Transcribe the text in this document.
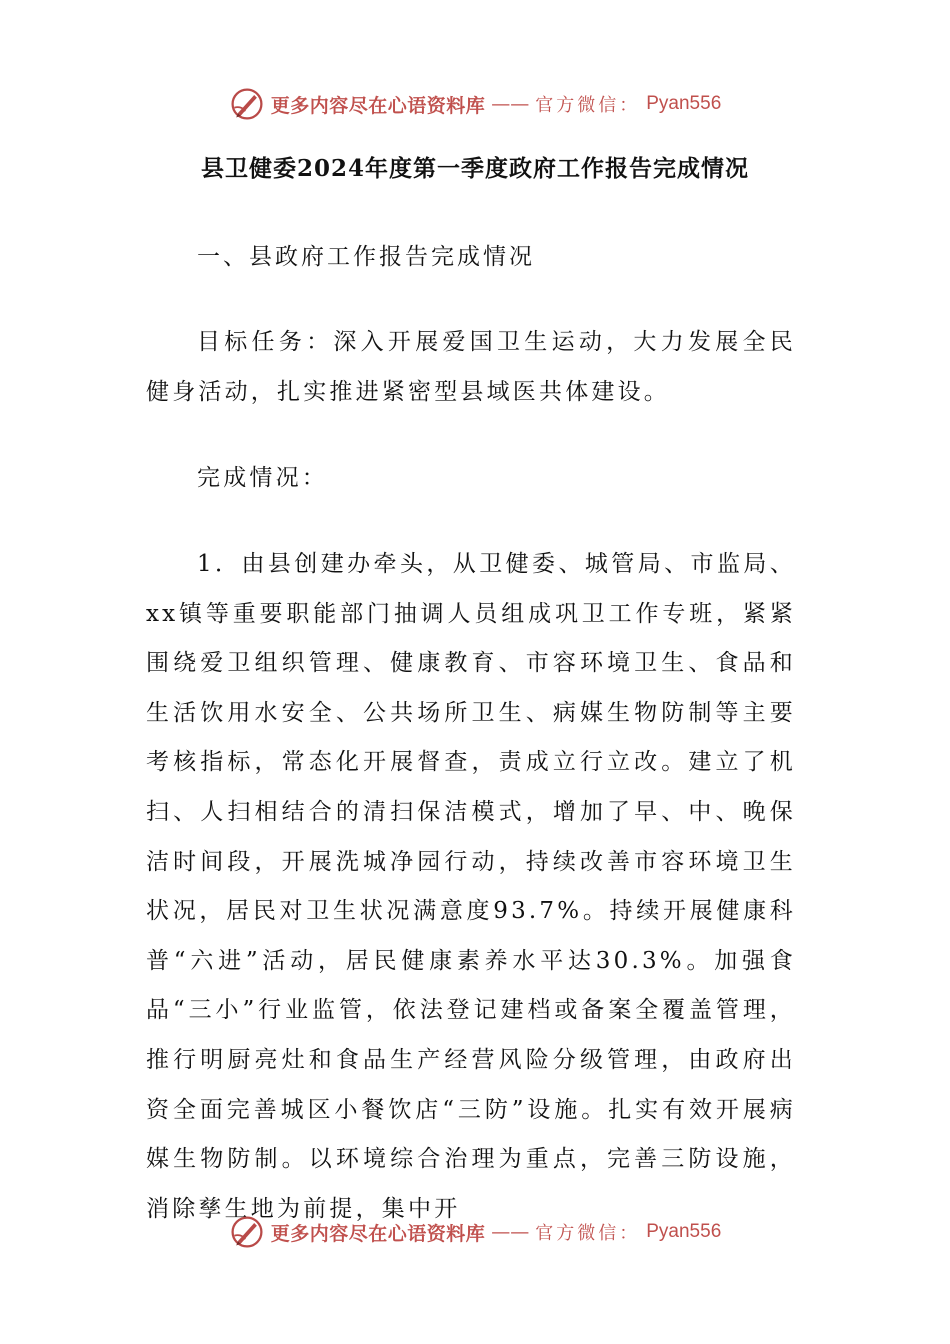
更多内容尽在心语资料库 —— 官方微信： Pyan556
县卫健委2024年度第一季度政府工作报告完成情况
一、县政府工作报告完成情况

目标任务：深入开展爱国卫生运动，大力发展全民健身活动，扎实推进紧密型县域医共体建设。

完成情况：

1．由县创建办牵头，从卫健委、城管局、市监局、xx镇等重要职能部门抽调人员组成巩卫工作专班，紧紧围绕爱卫组织管理、健康教育、市容环境卫生、食品和生活饮用水安全、公共场所卫生、病媒生物防制等主要考核指标，常态化开展督查，责成立行立改。建立了机扫、人扫相结合的清扫保洁模式，增加了早、中、晚保洁时间段，开展洗城净园行动，持续改善市容环境卫生状况，居民对卫生状况满意度93.7%。持续开展健康科普“六进”活动，居民健康素养水平达30.3%。加强食品“三小”行业监管，依法登记建档或备案全覆盖管理，推行明厨亮灶和食品生产经营风险分级管理，由政府出资全面完善城区小餐饮店“三防”设施。扎实有效开展病媒生物防制。以环境综合治理为重点，完善三防设施，消除孳生地为前提，集中开

更多内容尽在心语资料库 —— 官方微信： Pyan556
